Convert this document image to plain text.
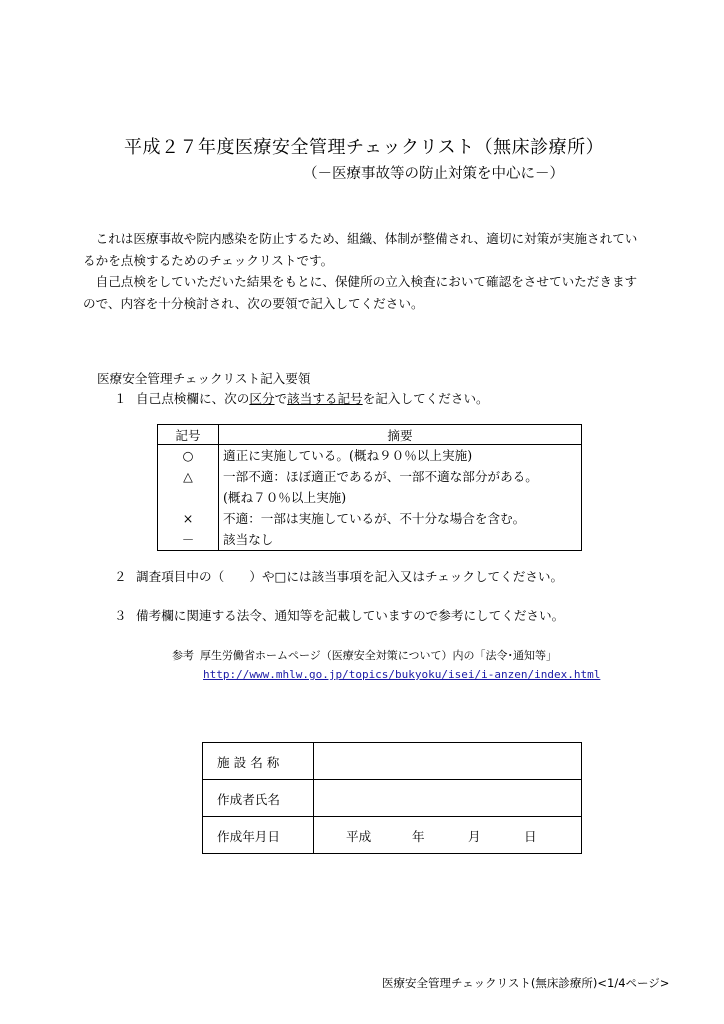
平成２７年度医療安全管理チェックリスト（無床診療所）
（－医療事故等の防止対策を中心に－）

これは医療事故や院内感染を防止するため、組織、体制が整備され、適切に対策が実施されているかを点検するためのチェックリストです。

自己点検をしていただいた結果をもとに、保健所の立入検査において確認をさせていただきますので、内容を十分検討され、次の要領で記入してください。

医療安全管理チェックリスト記入要領
１ 自己点検欄に、次の区分で該当する記号を記入してください。
記号	摘要
○	適正に実施している。(概ね９０％以上実施)
△	一部不適：ほぼ適正であるが、一部不適な部分がある。
	(概ね７０％以上実施)
×	不適：一部は実施しているが、不十分な場合を含む。
－	該当なし
２ 調査項目中の（　　）や□には該当事項を記入又はチェックしてください。
３ 備考欄に関連する法令、通知等を記載していますので参考にしてください。
参考 厚生労働省ホームページ（医療安全対策について）内の「法令･通知等」
http://www.mhlw.go.jp/topics/bukyoku/isei/i-anzen/index.html
施設名称	
作成者氏名	
作成年月日	平成 年 月 日
医療安全管理チェックリスト(無床診療所)<1/4ページ>
